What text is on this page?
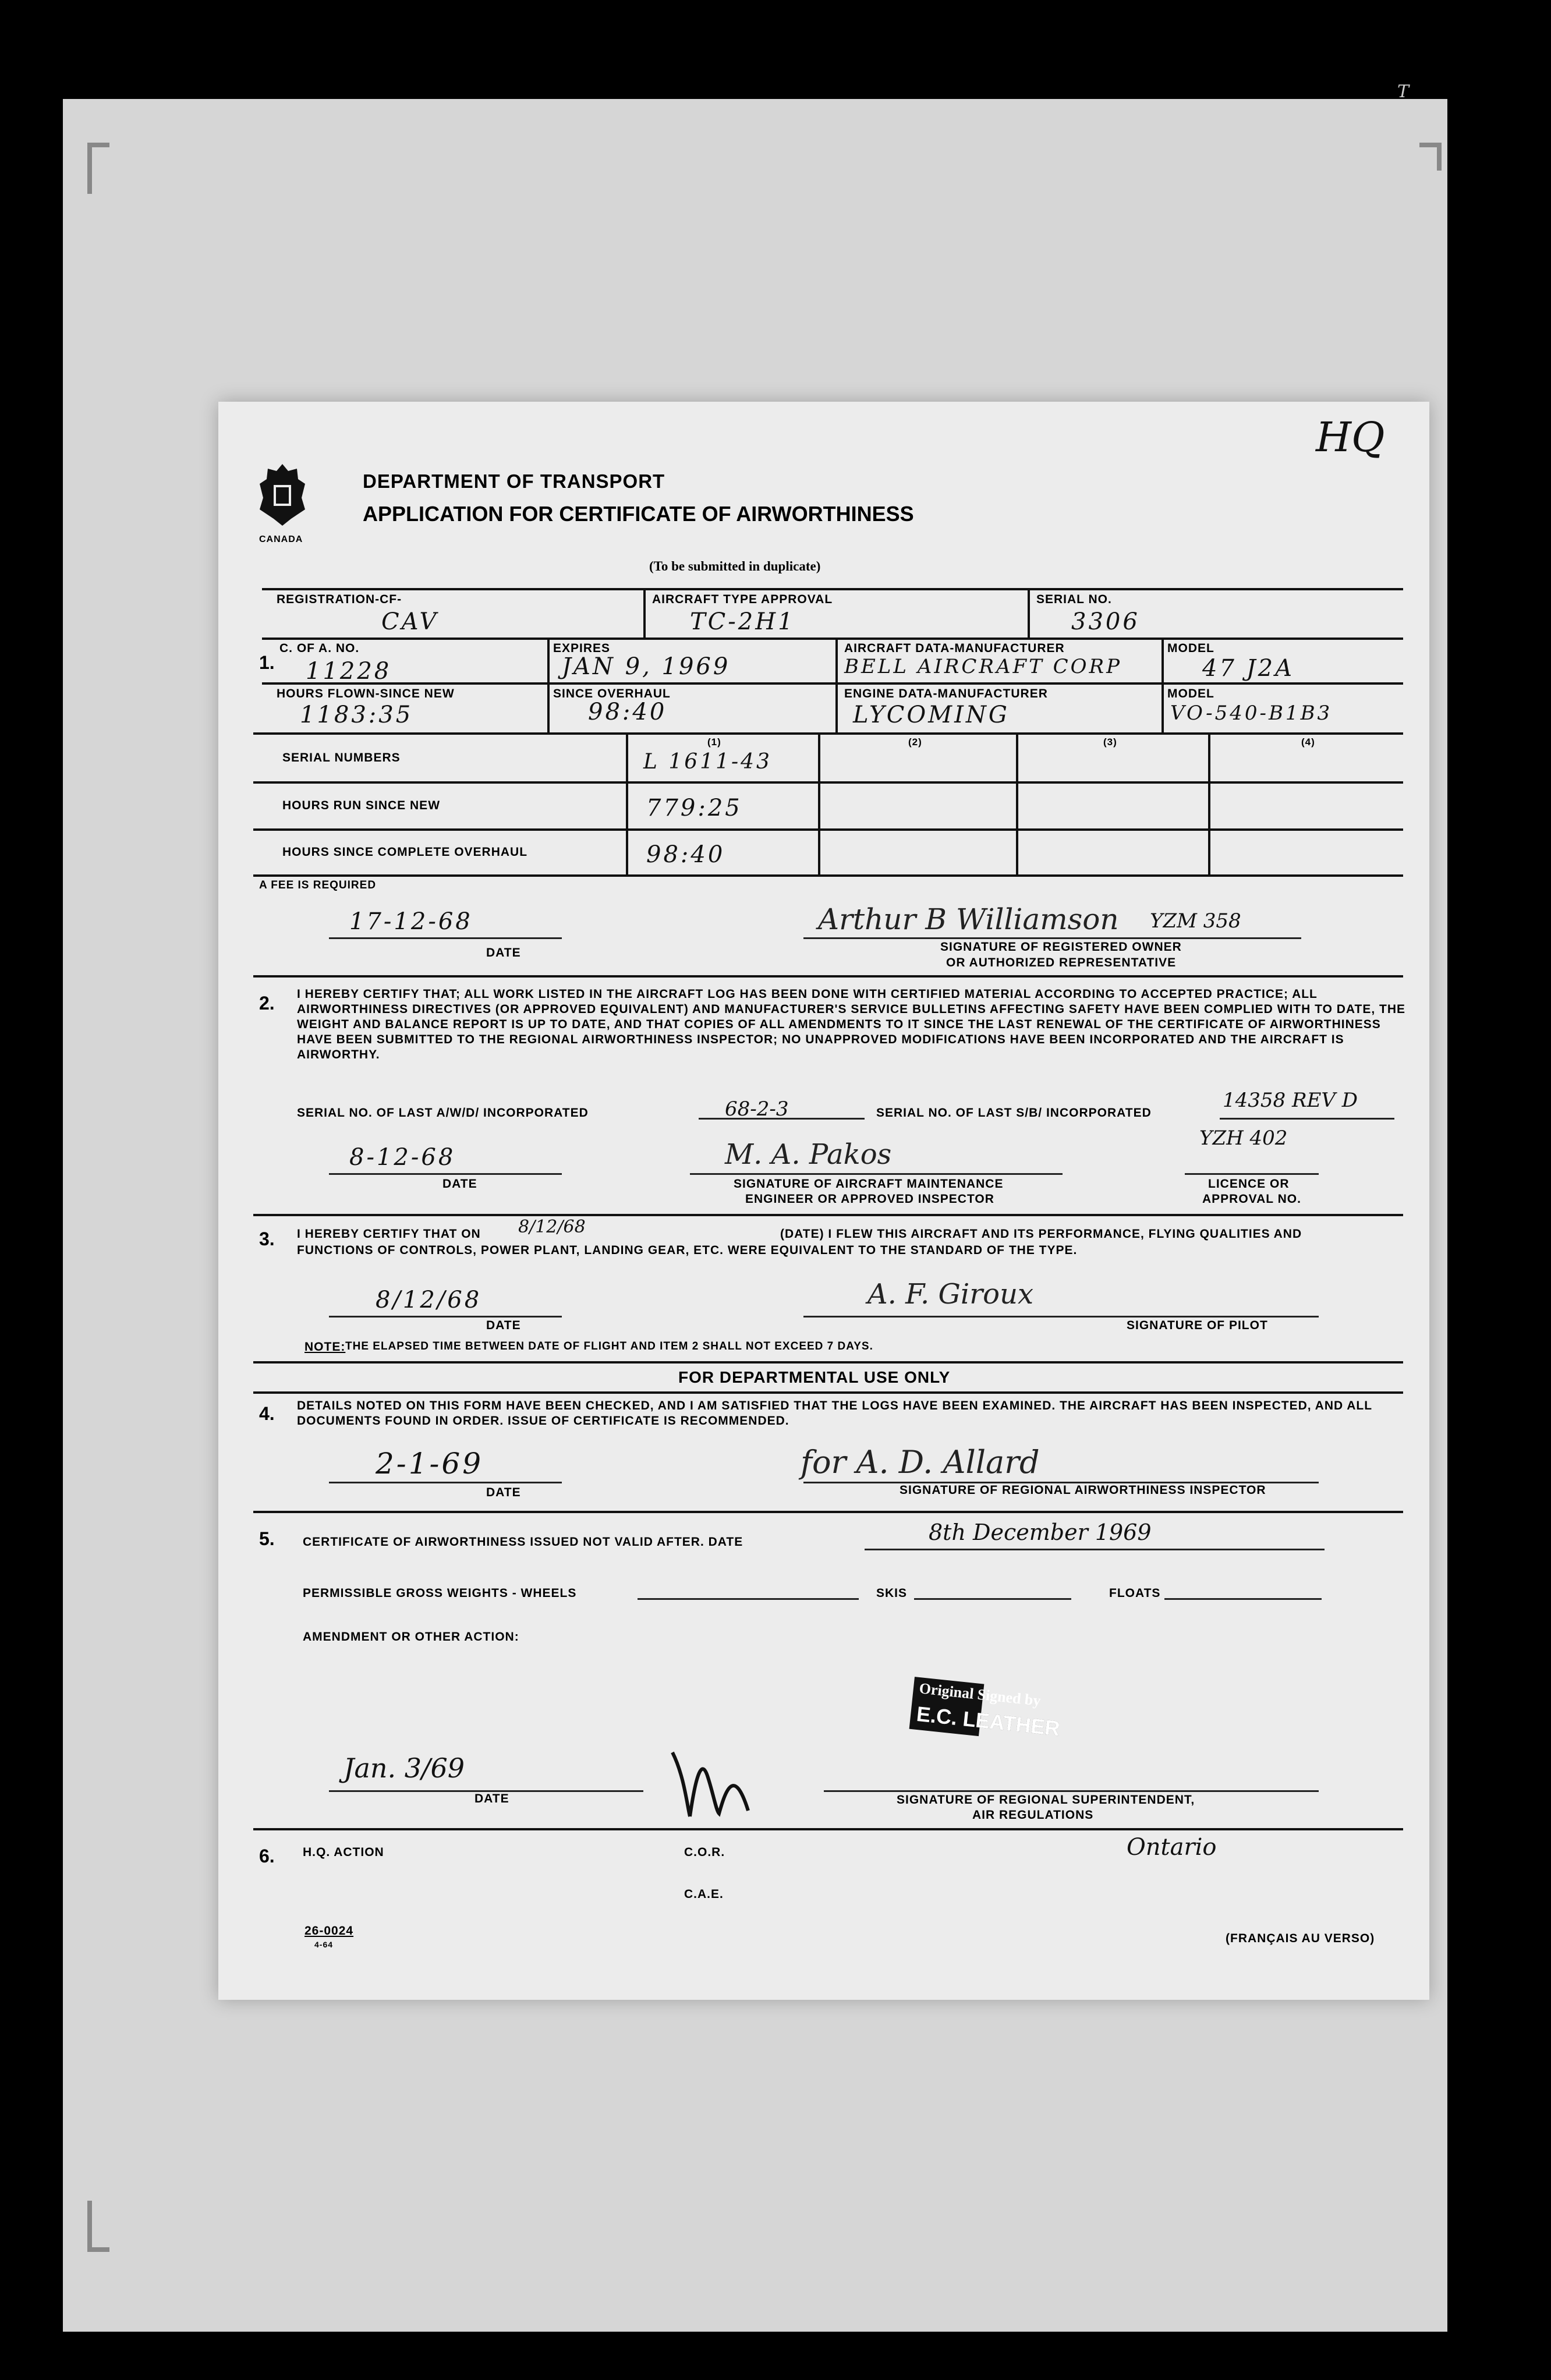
T
HQ
CANADA
DEPARTMENT OF TRANSPORT
APPLICATION FOR CERTIFICATE OF AIRWORTHINESS
(To be submitted in duplicate)
REGISTRATION-CF-
CAV
AIRCRAFT TYPE APPROVAL
TC-2H1
SERIAL NO.
3306
1.
C. OF A. NO.
11228
EXPIRES
JAN 9, 1969
AIRCRAFT DATA-MANUFACTURER
BELL AIRCRAFT CORP
MODEL
47 J2A
HOURS FLOWN-SINCE NEW
1183:35
SINCE OVERHAUL
98:40
ENGINE DATA-MANUFACTURER
LYCOMING
MODEL
VO-540-B1B3
(1)	(2)	(3)	(4)
SERIAL NUMBERS	L 1611-43
HOURS RUN SINCE NEW	779:25
HOURS SINCE COMPLETE OVERHAUL	98:40
A FEE IS REQUIRED
17-12-68
DATE
Arthur B Williamson YZM 358
SIGNATURE OF REGISTERED OWNER
OR AUTHORIZED REPRESENTATIVE
2. I HEREBY CERTIFY THAT; ALL WORK LISTED IN THE AIRCRAFT LOG HAS BEEN DONE WITH CERTIFIED MATERIAL ACCORDING TO ACCEPTED PRACTICE; ALL AIRWORTHINESS DIRECTIVES (OR APPROVED EQUIVALENT) AND MANUFACTURER'S SERVICE BULLETINS AFFECTING SAFETY HAVE BEEN COMPLIED WITH TO DATE, THE WEIGHT AND BALANCE REPORT IS UP TO DATE, AND THAT COPIES OF ALL AMENDMENTS TO IT SINCE THE LAST RENEWAL OF THE CERTIFICATE OF AIRWORTHINESS HAVE BEEN SUBMITTED TO THE REGIONAL AIRWORTHINESS INSPECTOR; NO UNAPPROVED MODIFICATIONS HAVE BEEN INCORPORATED AND THE AIRCRAFT IS AIRWORTHY.
SERIAL NO. OF LAST A/W/D/ INCORPORATED	68-2-3	SERIAL NO. OF LAST S/B/ INCORPORATED
14358 REV D
8-12-68
DATE
M. A. Pakos
SIGNATURE OF AIRCRAFT MAINTENANCE
ENGINEER OR APPROVED INSPECTOR
YZH 402
LICENCE OR
APPROVAL NO.
3. I HEREBY CERTIFY THAT ON 8/12/68	(DATE) I FLEW THIS AIRCRAFT AND ITS PERFORMANCE, FLYING QUALITIES AND
FUNCTIONS OF CONTROLS, POWER PLANT, LANDING GEAR, ETC. WERE EQUIVALENT TO THE STANDARD OF THE TYPE.
8/12/68
DATE
A. F. Giroux
SIGNATURE OF PILOT
NOTE: THE ELAPSED TIME BETWEEN DATE OF FLIGHT AND ITEM 2 SHALL NOT EXCEED 7 DAYS.
FOR DEPARTMENTAL USE ONLY
4. DETAILS NOTED ON THIS FORM HAVE BEEN CHECKED, AND I AM SATISFIED THAT THE LOGS HAVE BEEN EXAMINED. THE AIRCRAFT HAS BEEN INSPECTED, AND ALL DOCUMENTS FOUND IN ORDER. ISSUE OF CERTIFICATE IS RECOMMENDED.
2-1-69
DATE
for A. D. Allard
SIGNATURE OF REGIONAL AIRWORTHINESS INSPECTOR
5. CERTIFICATE OF AIRWORTHINESS ISSUED NOT VALID AFTER. DATE	8th December 1969
PERMISSIBLE GROSS WEIGHTS - WHEELS	SKIS	FLOATS
AMENDMENT OR OTHER ACTION:
Original Signed by
E.C. LEATHER
Jan. 3/69
DATE	SIGNATURE OF REGIONAL SUPERINTENDENT,
AIR REGULATIONS
6. H.Q. ACTION	C.O.R.	Ontario
C.A.E.
26-0024
4-64	(FRANÇAIS AU VERSO)
